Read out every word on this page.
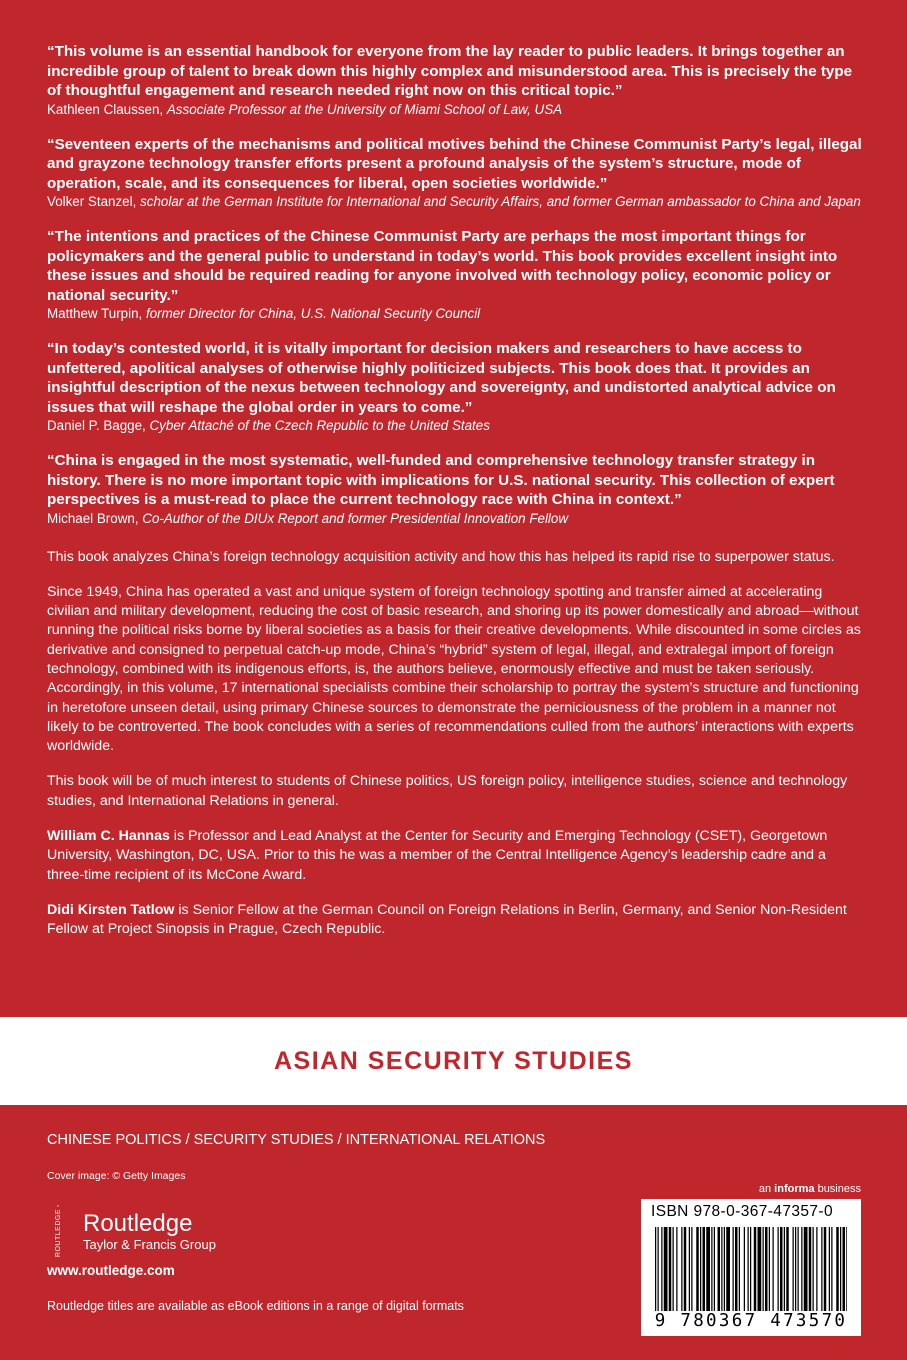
“This volume is an essential handbook for everyone from the lay reader to public leaders. It brings together an incredible group of talent to break down this highly complex and misunderstood area. This is precisely the type of thoughtful engagement and research needed right now on this critical topic.”
Kathleen Claussen, Associate Professor at the University of Miami School of Law, USA
“Seventeen experts of the mechanisms and political motives behind the Chinese Communist Party’s legal, illegal and grayzone technology transfer efforts present a profound analysis of the system’s structure, mode of operation, scale, and its consequences for liberal, open societies worldwide.”
Volker Stanzel, scholar at the German Institute for International and Security Affairs, and former German ambassador to China and Japan
“The intentions and practices of the Chinese Communist Party are perhaps the most important things for policymakers and the general public to understand in today’s world. This book provides excellent insight into these issues and should be required reading for anyone involved with technology policy, economic policy or national security.”
Matthew Turpin, former Director for China, U.S. National Security Council
“In today’s contested world, it is vitally important for decision makers and researchers to have access to unfettered, apolitical analyses of otherwise highly politicized subjects. This book does that. It provides an insightful description of the nexus between technology and sovereignty, and undistorted analytical advice on issues that will reshape the global order in years to come.”
Daniel P. Bagge, Cyber Attaché of the Czech Republic to the United States
“China is engaged in the most systematic, well-funded and comprehensive technology transfer strategy in history. There is no more important topic with implications for U.S. national security. This collection of expert perspectives is a must-read to place the current technology race with China in context.”
Michael Brown, Co-Author of the DIUx Report and former Presidential Innovation Fellow

This book analyzes China’s foreign technology acquisition activity and how this has helped its rapid rise to superpower status.

Since 1949, China has operated a vast and unique system of foreign technology spotting and transfer aimed at accelerating civilian and military development, reducing the cost of basic research, and shoring up its power domestically and abroad—without running the political risks borne by liberal societies as a basis for their creative developments. While discounted in some circles as derivative and consigned to perpetual catch-up mode, China’s “hybrid” system of legal, illegal, and extralegal import of foreign technology, combined with its indigenous efforts, is, the authors believe, enormously effective and must be taken seriously. Accordingly, in this volume, 17 international specialists combine their scholarship to portray the system’s structure and functioning in heretofore unseen detail, using primary Chinese sources to demonstrate the perniciousness of the problem in a manner not likely to be controverted. The book concludes with a series of recommendations culled from the authors’ interactions with experts worldwide.

This book will be of much interest to students of Chinese politics, US foreign policy, intelligence studies, science and technology studies, and International Relations in general.

William C. Hannas is Professor and Lead Analyst at the Center for Security and Emerging Technology (CSET), Georgetown University, Washington, DC, USA. Prior to this he was a member of the Central Intelligence Agency’s leadership cadre and a three-time recipient of its McCone Award.

Didi Kirsten Tatlow is Senior Fellow at the German Council on Foreign Relations in Berlin, Germany, and Senior Non-Resident Fellow at Project Sinopsis in Prague, Czech Republic.

ASIAN SECURITY STUDIES
CHINESE POLITICS / SECURITY STUDIES / INTERNATIONAL RELATIONS
Cover image: © Getty Images
ROUTLEDGE Routledge
Taylor & Francis Group
www.routledge.com
Routledge titles are available as eBook editions in a range of digital formats
an informa business
ISBN 978-0-367-47357-0
9 780367 473570
